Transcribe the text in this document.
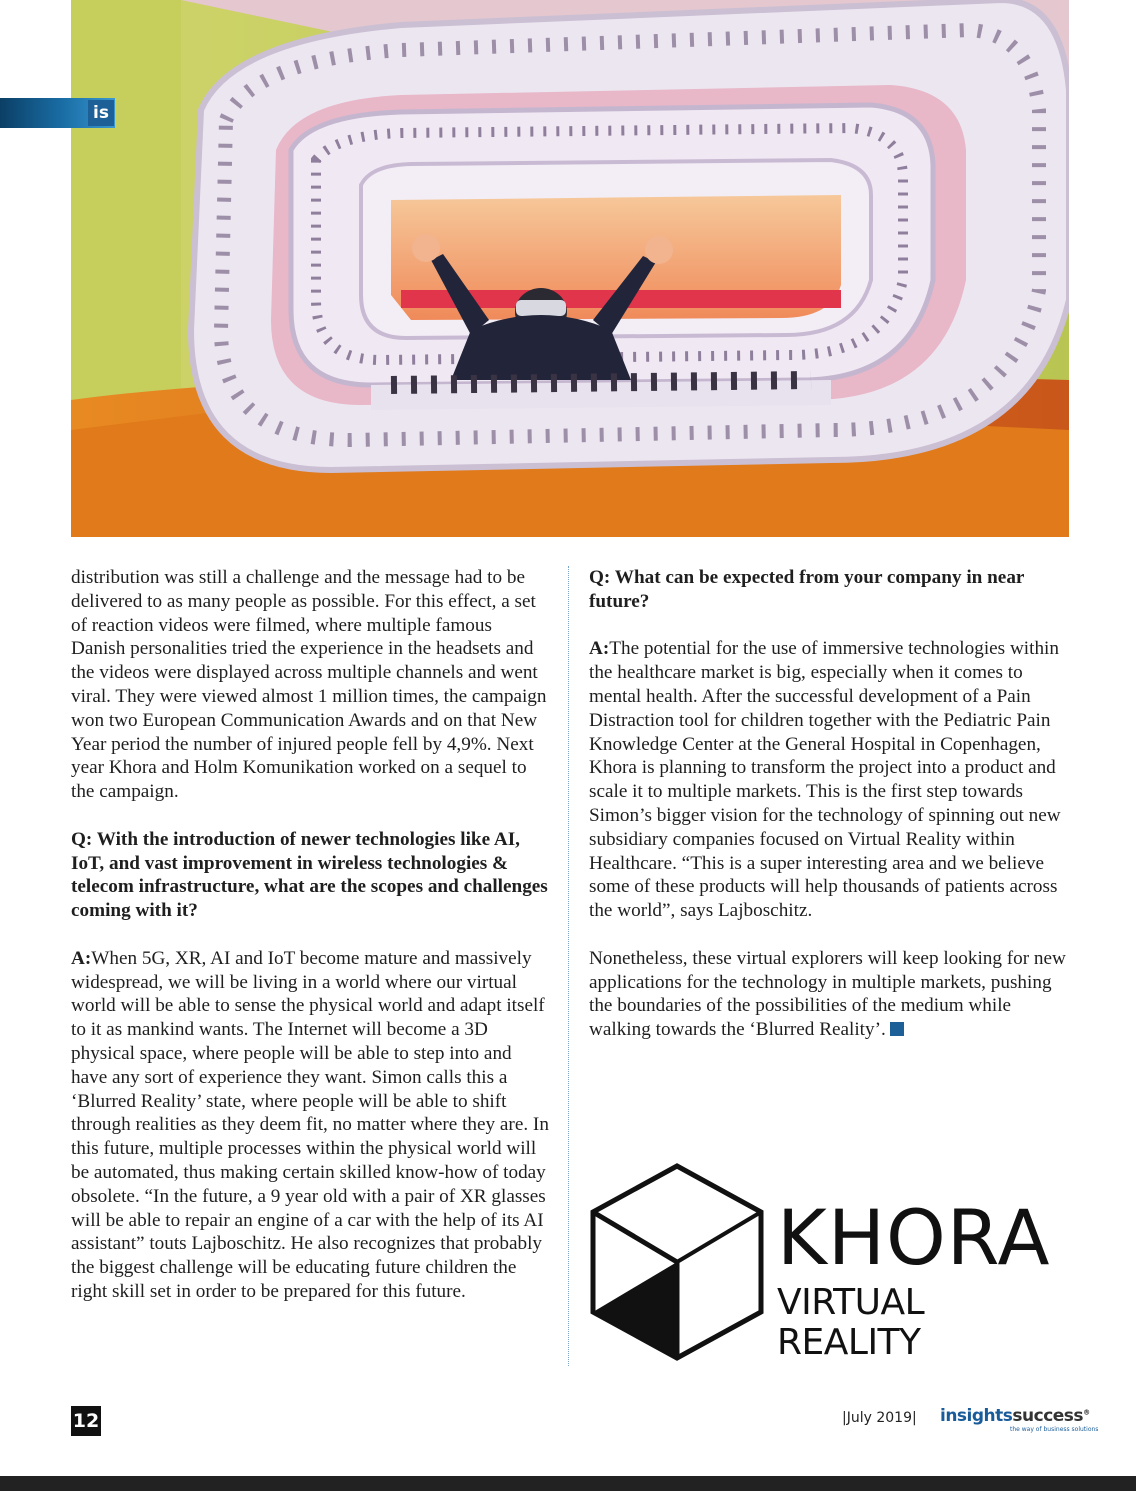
is

distribution was still a challenge and the message had to be delivered to as many people as possible. For this effect, a set of reaction videos were filmed, where multiple famous Danish personalities tried the experience in the headsets and the videos were displayed across multiple channels and went viral. They were viewed almost 1 million times, the campaign won two European Communication Awards and on that New Year period the number of injured people fell by 4,9%. Next year Khora and Holm Komunikation worked on a sequel to the campaign.

Q: With the introduction of newer technologies like AI, IoT, and vast improvement in wireless technologies & telecom infrastructure, what are the scopes and challenges coming with it?

A:When 5G, XR, AI and IoT become mature and massively widespread, we will be living in a world where our virtual world will be able to sense the physical world and adapt itself to it as mankind wants. The Internet will become a 3D physical space, where people will be able to step into and have any sort of experience they want. Simon calls this a ‘Blurred Reality’ state, where people will be able to shift through realities as they deem fit, no matter where they are. In this future, multiple processes within the physical world will be automated, thus making certain skilled know-how of today obsolete. “In the future, a 9 year old with a pair of XR glasses will be able to repair an engine of a car with the help of its AI assistant” touts Lajboschitz. He also recognizes that probably the biggest challenge will be educating future children the right skill set in order to be prepared for this future.

Q: What can be expected from your company in near future?

A:The potential for the use of immersive technologies within the healthcare market is big, especially when it comes to mental health. After the successful development of a Pain Distraction tool for children together with the Pediatric Pain Knowledge Center at the General Hospital in Copenhagen, Khora is planning to transform the project into a product and scale it to multiple markets. This is the first step towards Simon’s bigger vision for the technology of spinning out new subsidiary companies focused on Virtual Reality within Healthcare. “This is a super interesting area and we believe some of these products will help thousands of patients across the world”, says Lajboschitz.

Nonetheless, these virtual explorers will keep looking for new applications for the technology in multiple markets, pushing the boundaries of the possibilities of the medium while walking towards the ‘Blurred Reality’.

KHORA
VIRTUAL REALITY
12	|July 2019| insightssuccess®
the way of business solutions
